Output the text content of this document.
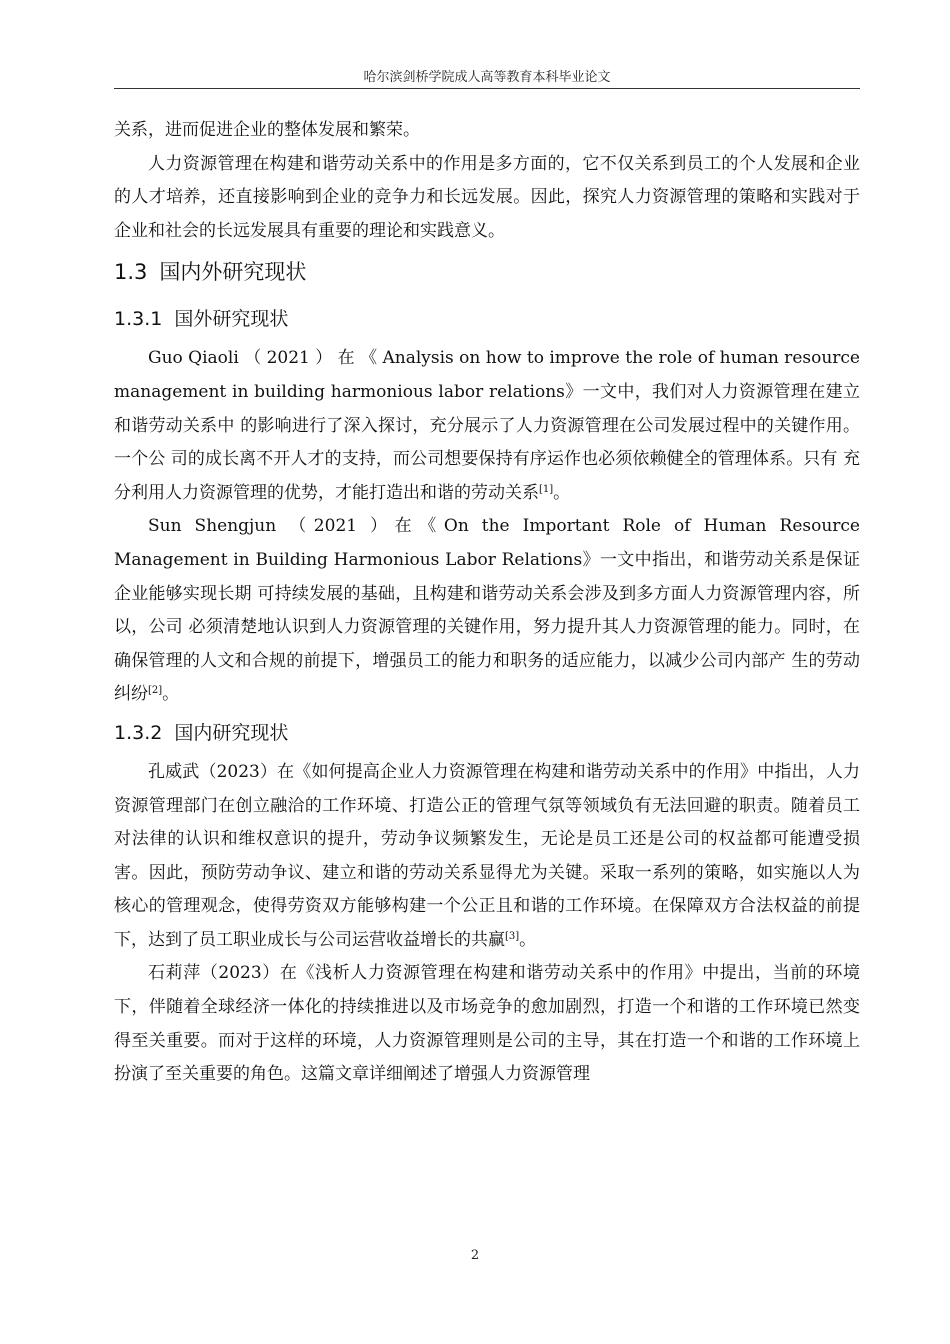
哈尔滨剑桥学院成人高等教育本科毕业论文

关系，进而促进企业的整体发展和繁荣。

人力资源管理在构建和谐劳动关系中的作用是多方面的，它不仅关系到员工的个人发展和企业的人才培养，还直接影响到企业的竞争力和长远发展。因此，探究人力资源管理的策略和实践对于企业和社会的长远发展具有重要的理论和实践意义。

1.3 国内外研究现状
1.3.1 国外研究现状

Guo Qiaoli （ 2021 ） 在 《 Analysis on how to improve the role of human resource management in building harmonious labor relations》一文中，我们对人力资源管理在建立和谐劳动关系中 的影响进行了深入探讨，充分展示了人力资源管理在公司发展过程中的关键作用。一个公 司的成长离不开人才的支持，而公司想要保持有序运作也必须依赖健全的管理体系。只有 充分利用人力资源管理的优势，才能打造出和谐的劳动关系[1]。

Sun Shengjun （2021 ）在《On the Important Role of Human Resource Management in Building Harmonious Labor Relations》一文中指出，和谐劳动关系是保证企业能够实现长期 可持续发展的基础，且构建和谐劳动关系会涉及到多方面人力资源管理内容，所以，公司 必须清楚地认识到人力资源管理的关键作用，努力提升其人力资源管理的能力。同时，在 确保管理的人文和合规的前提下，增强员工的能力和职务的适应能力，以减少公司内部产 生的劳动纠纷[2]。

1.3.2 国内研究现状

孔威武（2023）在《如何提高企业人力资源管理在构建和谐劳动关系中的作用》中指出，人力资源管理部门在创立融洽的工作环境、打造公正的管理气氛等领域负有无法回避的职责。随着员工对法律的认识和维权意识的提升，劳动争议频繁发生，无论是员工还是公司的权益都可能遭受损害。因此，预防劳动争议、建立和谐的劳动关系显得尤为关键。采取一系列的策略，如实施以人为核心的管理观念，使得劳资双方能够构建一个公正且和谐的工作环境。在保障双方合法权益的前提下，达到了员工职业成长与公司运营收益增长的共赢[3]。

石莉萍（2023）在《浅析人力资源管理在构建和谐劳动关系中的作用》中提出，当前的环境下，伴随着全球经济一体化的持续推进以及市场竞争的愈加剧烈，打造一个和谐的工作环境已然变得至关重要。而对于这样的环境，人力资源管理则是公司的主导，其在打造一个和谐的工作环境上扮演了至关重要的角色。这篇文章详细阐述了增强人力资源管理

2
